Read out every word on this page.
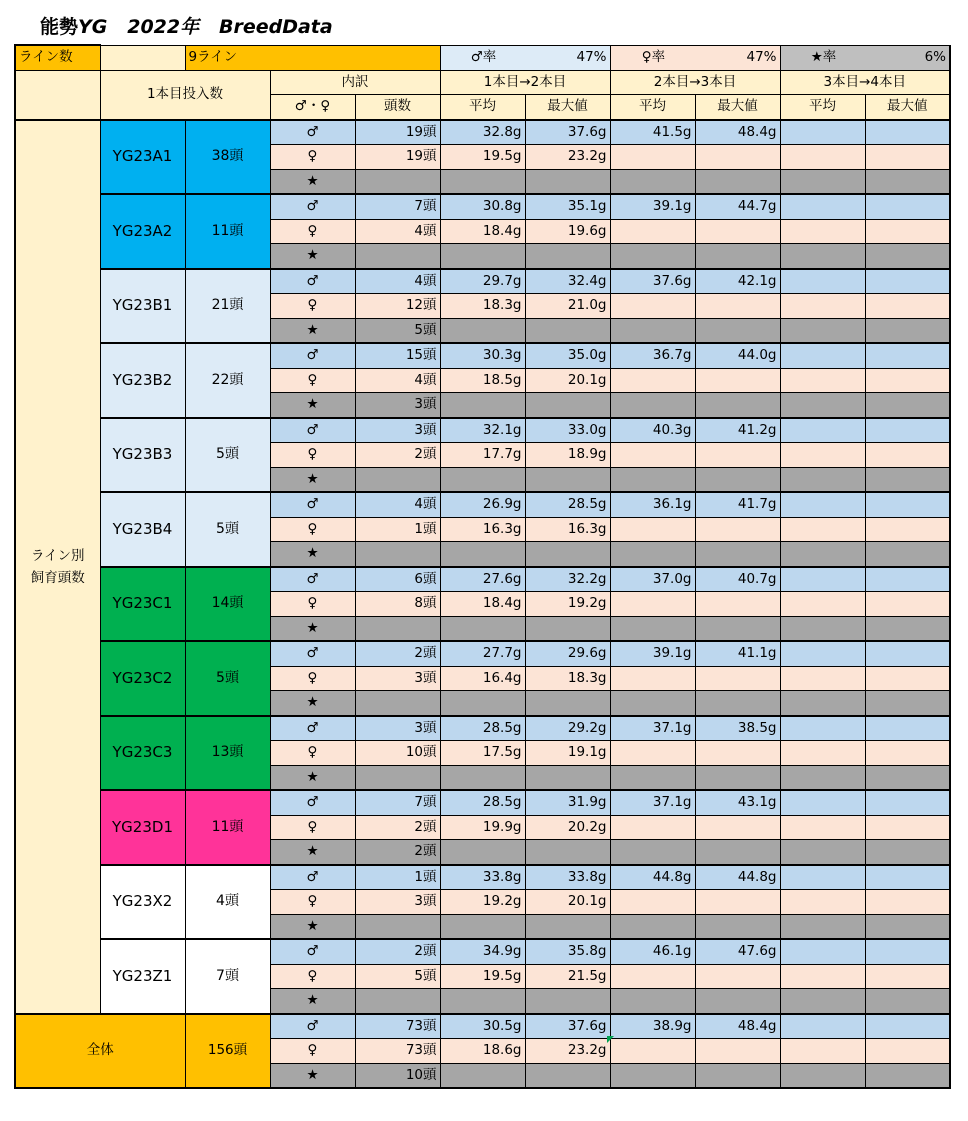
能勢YG 2022年 BreedData
ライン数		9ライン			♂率 47%		♀率 47%		★率 6%	

	1本目投入数		内訳		1本目→2本目		2本目→3本目		3本目→4本目	
			♂・♀	頭数	平均	最大値	平均	最大値	平均	最大値

ライン別
飼育頭数	YG23A1	38頭	♂	19頭	32.8g	37.6g	41.5g	48.4g		
			♀	19頭	19.5g	23.2g				
			★							
	YG23A2	11頭	♂	7頭	30.8g	35.1g	39.1g	44.7g		
			♀	4頭	18.4g	19.6g				
			★							
	YG23B1	21頭	♂	4頭	29.7g	32.4g	37.6g	42.1g		
			♀	12頭	18.3g	21.0g				
			★	5頭						
	YG23B2	22頭	♂	15頭	30.3g	35.0g	36.7g	44.0g		
			♀	4頭	18.5g	20.1g				
			★	3頭						
	YG23B3	5頭	♂	3頭	32.1g	33.0g	40.3g	41.2g		
			♀	2頭	17.7g	18.9g				
			★							
	YG23B4	5頭	♂	4頭	26.9g	28.5g	36.1g	41.7g		
			♀	1頭	16.3g	16.3g				
			★							
	YG23C1	14頭	♂	6頭	27.6g	32.2g	37.0g	40.7g		
			♀	8頭	18.4g	19.2g				
			★							
	YG23C2	5頭	♂	2頭	27.7g	29.6g	39.1g	41.1g		
			♀	3頭	16.4g	18.3g				
			★							
	YG23C3	13頭	♂	3頭	28.5g	29.2g	37.1g	38.5g		
			♀	10頭	17.5g	19.1g				
			★							
	YG23D1	11頭	♂	7頭	28.5g	31.9g	37.1g	43.1g		
			♀	2頭	19.9g	20.2g				
			★	2頭						
	YG23X2	4頭	♂	1頭	33.8g	33.8g	44.8g	44.8g		
			♀	3頭	19.2g	20.1g				
			★							
	YG23Z1	7頭	♂	2頭	34.9g	35.8g	46.1g	47.6g		
			♀	5頭	19.5g	21.5g				
			★							
全体		156頭	♂	73頭	30.5g	37.6g	38.9g	48.4g		
			♀	73頭	18.6g	23.2g				
			★	10頭						
